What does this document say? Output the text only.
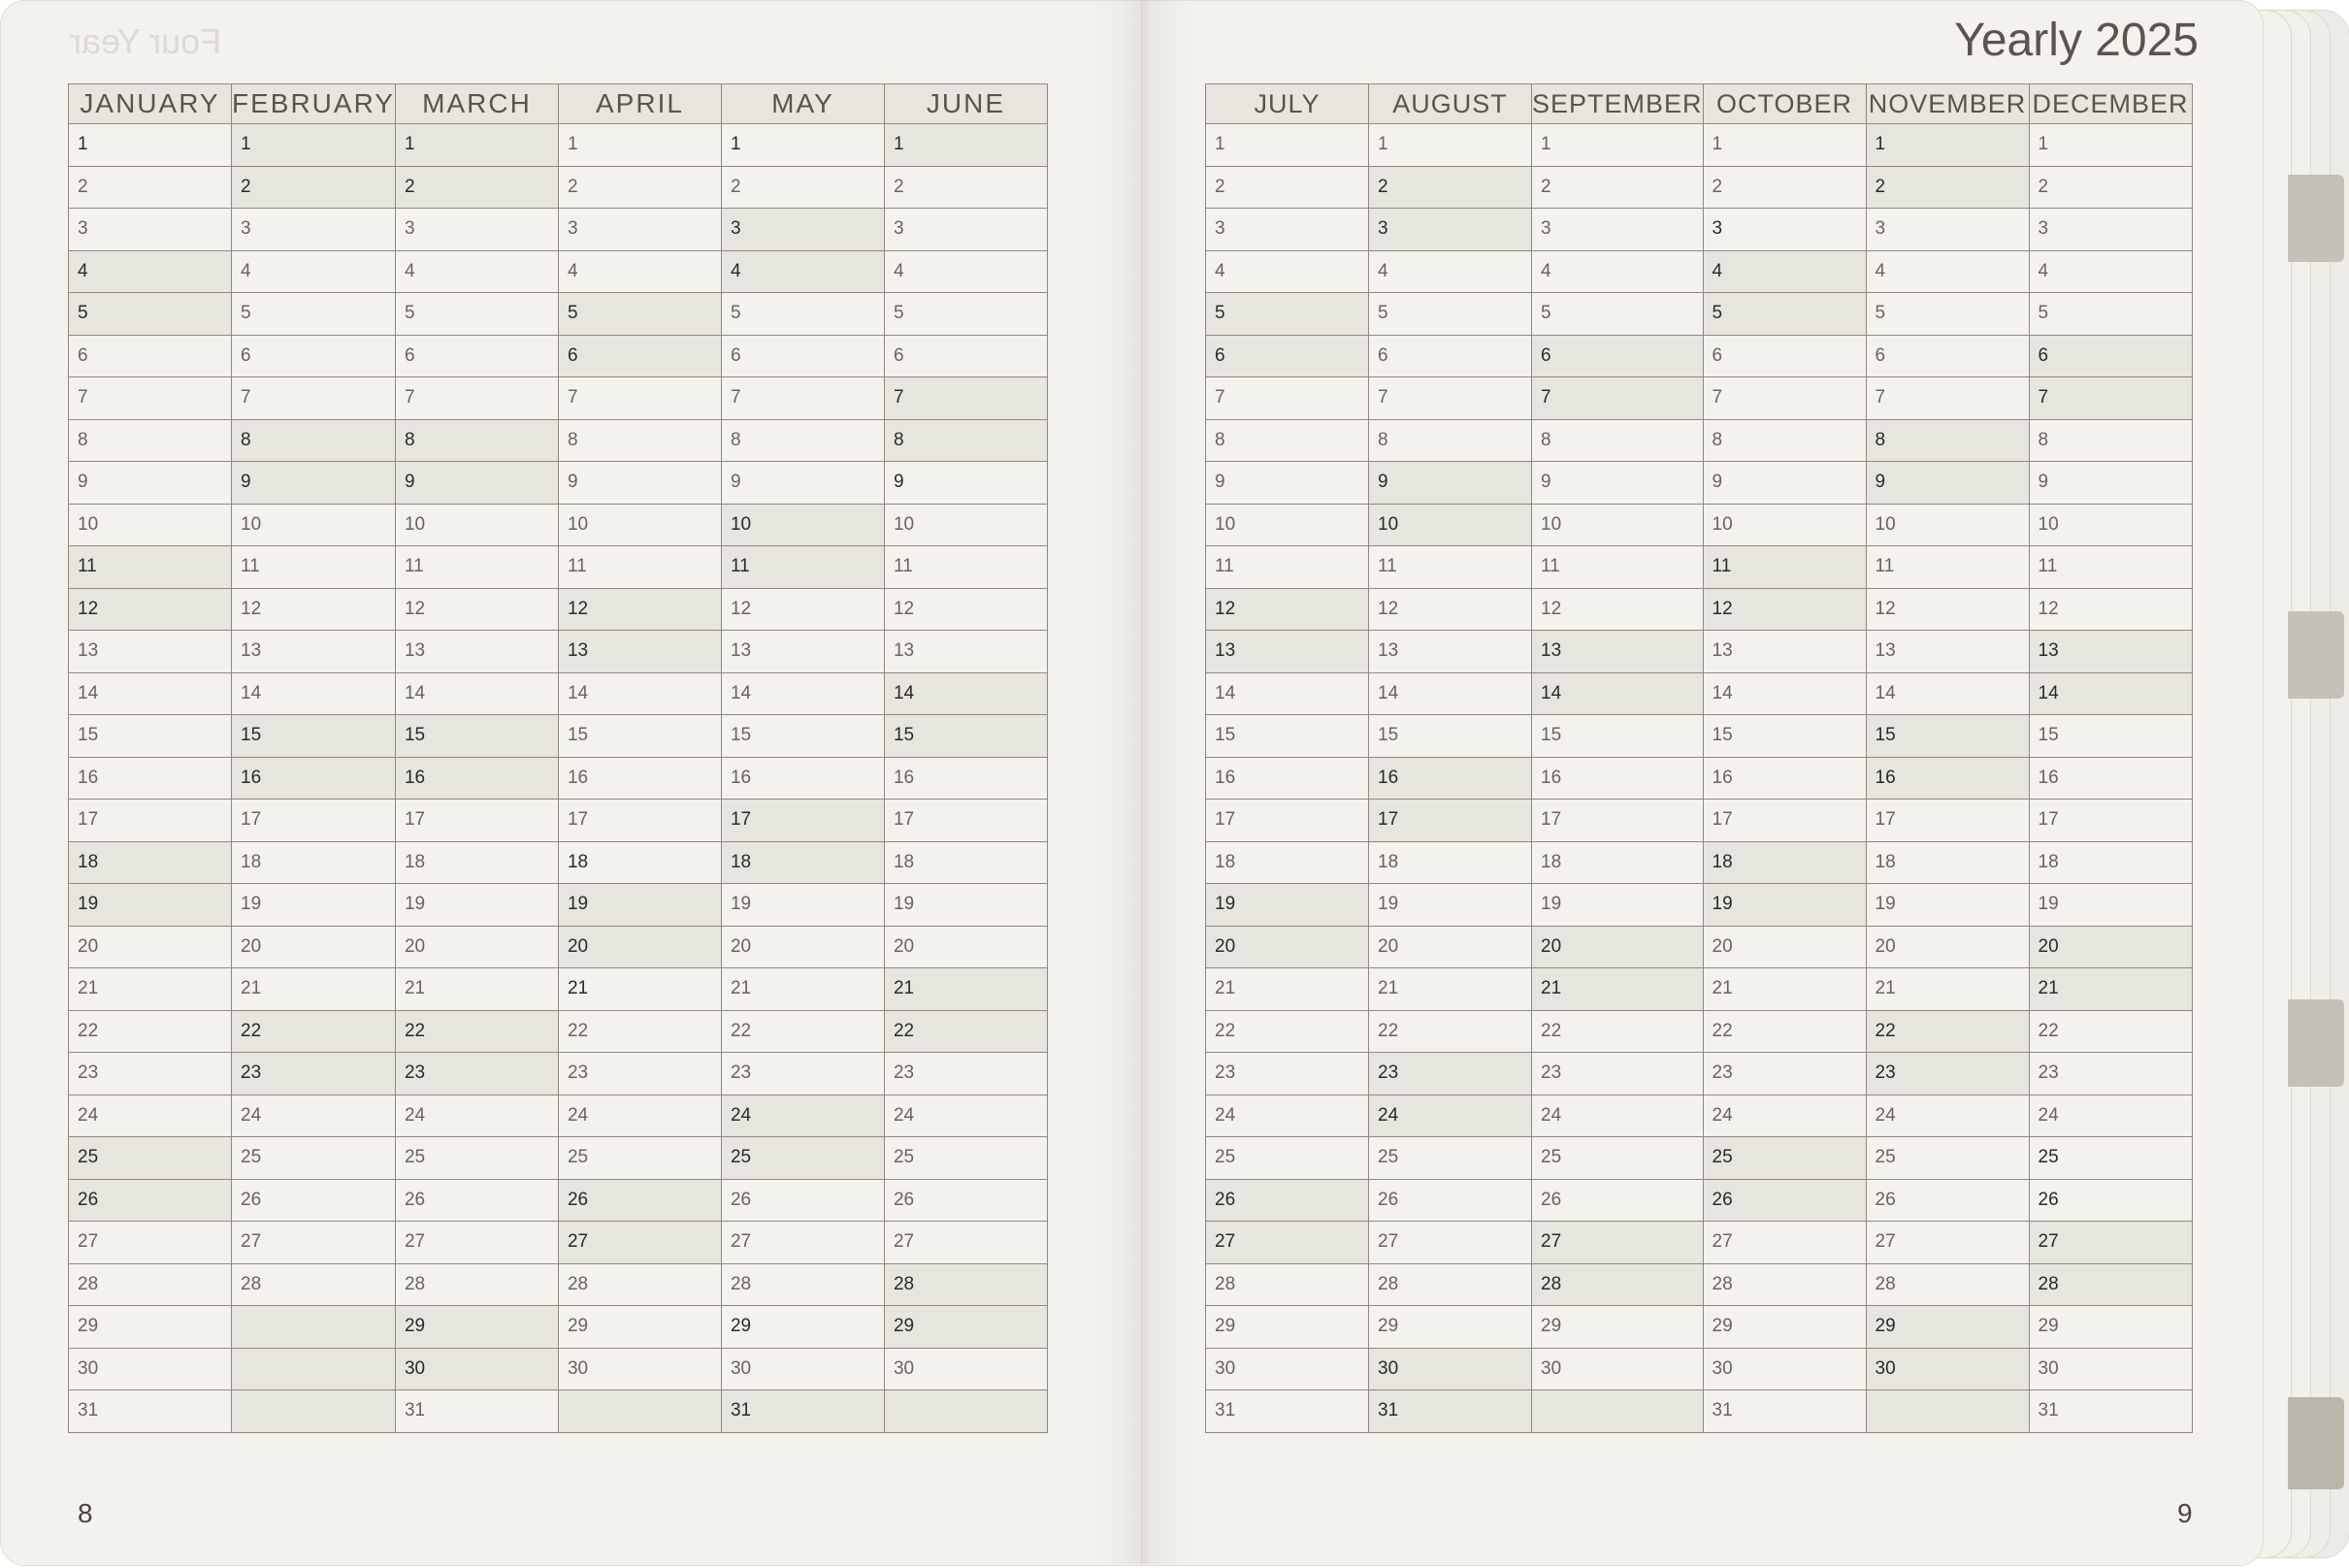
Four Year	Yearly 2025
JANUARY	FEBRUARY	MARCH	APRIL	MAY	JUNE
1	1	1	1	1	1
2	2	2	2	2	2
3	3	3	3	3	3
4	4	4	4	4	4
5	5	5	5	5	5
6	6	6	6	6	6
7	7	7	7	7	7
8	8	8	8	8	8
9	9	9	9	9	9
10	10	10	10	10	10
11	11	11	11	11	11
12	12	12	12	12	12
13	13	13	13	13	13
14	14	14	14	14	14
15	15	15	15	15	15
16	16	16	16	16	16
17	17	17	17	17	17
18	18	18	18	18	18
19	19	19	19	19	19
20	20	20	20	20	20
21	21	21	21	21	21
22	22	22	22	22	22
23	23	23	23	23	23
24	24	24	24	24	24
25	25	25	25	25	25
26	26	26	26	26	26
27	27	27	27	27	27
28	28	28	28	28	28
29		29	29	29	29
30		30	30	30	30
31		31		31	
JULY	AUGUST	SEPTEMBER	OCTOBER	NOVEMBER	DECEMBER
1	1	1	1	1	1
2	2	2	2	2	2
3	3	3	3	3	3
4	4	4	4	4	4
5	5	5	5	5	5
6	6	6	6	6	6
7	7	7	7	7	7
8	8	8	8	8	8
9	9	9	9	9	9
10	10	10	10	10	10
11	11	11	11	11	11
12	12	12	12	12	12
13	13	13	13	13	13
14	14	14	14	14	14
15	15	15	15	15	15
16	16	16	16	16	16
17	17	17	17	17	17
18	18	18	18	18	18
19	19	19	19	19	19
20	20	20	20	20	20
21	21	21	21	21	21
22	22	22	22	22	22
23	23	23	23	23	23
24	24	24	24	24	24
25	25	25	25	25	25
26	26	26	26	26	26
27	27	27	27	27	27
28	28	28	28	28	28
29	29	29	29	29	29
30	30	30	30	30	30
31	31		31		31
8	9
